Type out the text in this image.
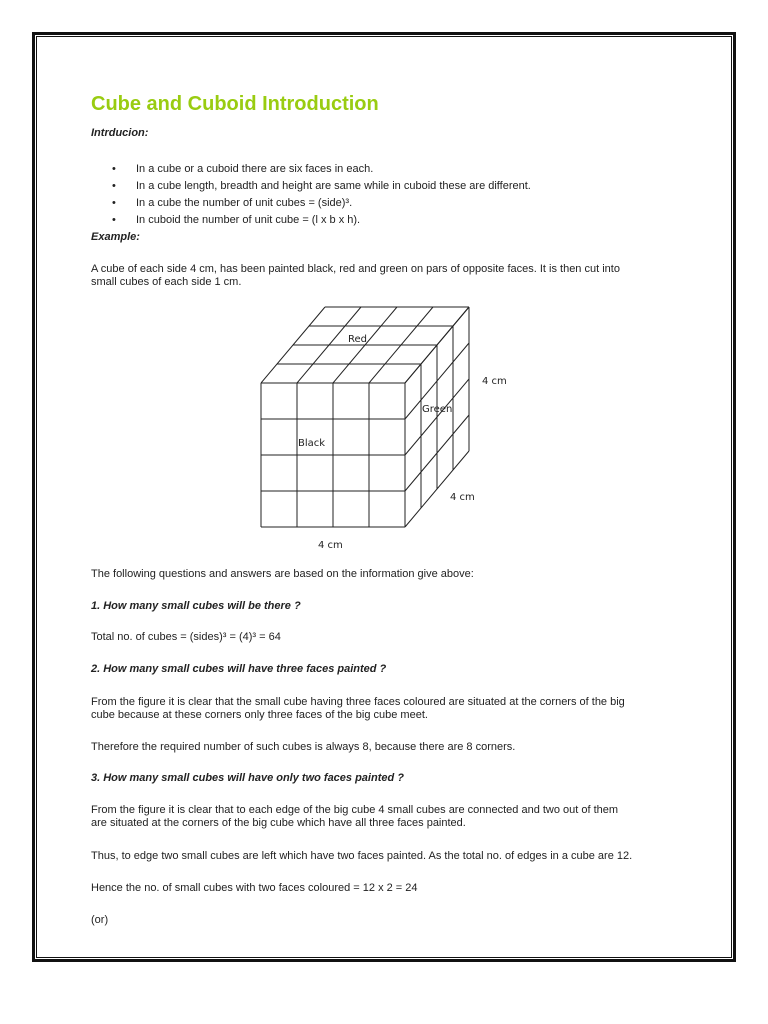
Cube and Cuboid Introduction
Intrducion:
• In a cube or a cuboid there are six faces in each.
• In a cube length, breadth and height are same while in cuboid these are different.
• In a cube the number of unit cubes = (side)³.
• In cuboid the number of unit cube = (l x b x h).
Example:
A cube of each side 4 cm, has been painted black, red and green on pars of opposite faces. It is then cut into
small cubes of each side 1 cm.
Red
Black
Green
4 cm
4 cm
4 cm
The following questions and answers are based on the information give above:
1. How many small cubes will be there ?
Total no. of cubes = (sides)³ = (4)³ = 64
2. How many small cubes will have three faces painted ?
From the figure it is clear that the small cube having three faces coloured are situated at the corners of the big
cube because at these corners only three faces of the big cube meet.
Therefore the required number of such cubes is always 8, because there are 8 corners.
3. How many small cubes will have only two faces painted ?
From the figure it is clear that to each edge of the big cube 4 small cubes are connected and two out of them
are situated at the corners of the big cube which have all three faces painted.
Thus, to edge two small cubes are left which have two faces painted. As the total no. of edges in a cube are 12.
Hence the no. of small cubes with two faces coloured = 12 x 2 = 24
(or)
